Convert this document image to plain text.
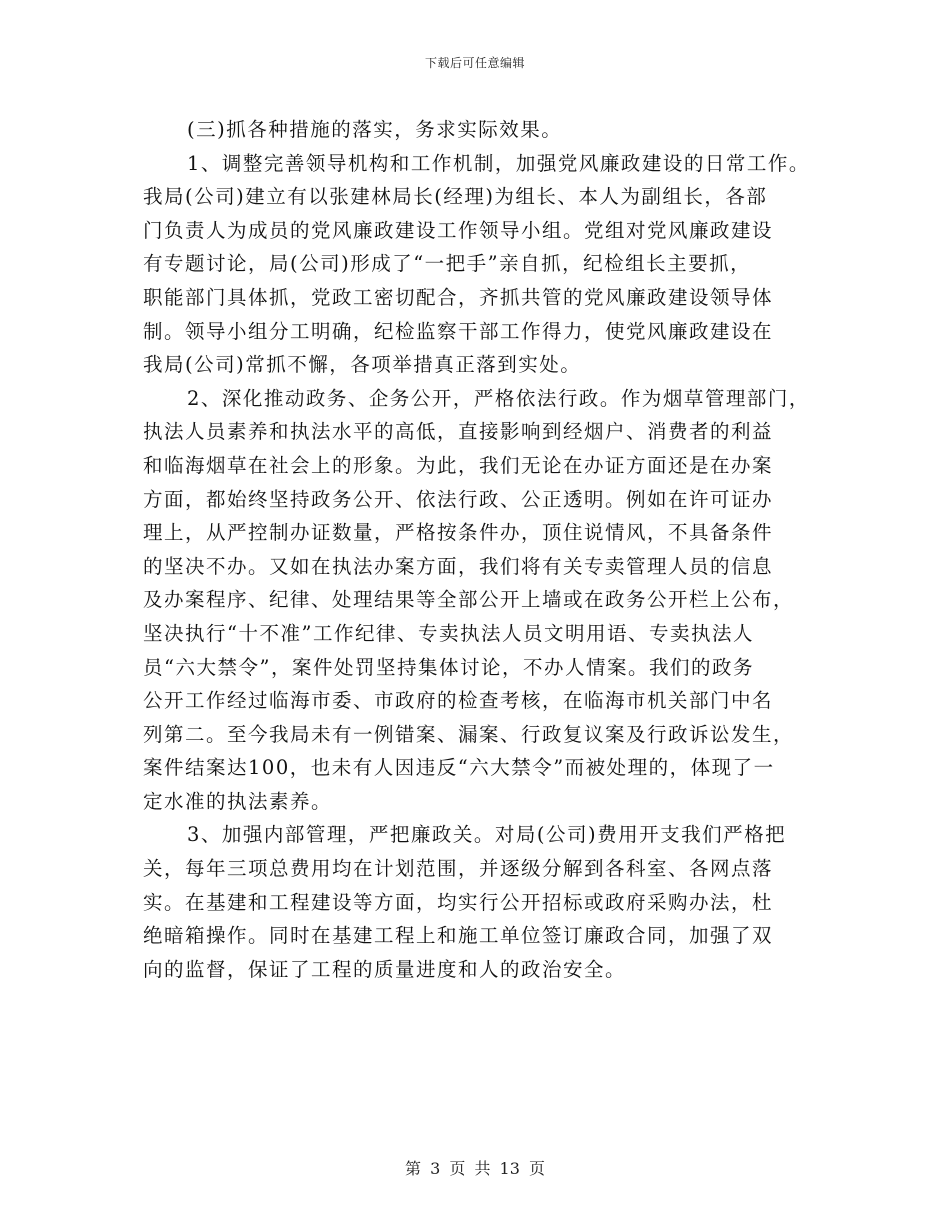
下载后可任意编辑
(三)抓各种措施的落实，务求实际效果。
1、调整完善领导机构和工作机制，加强党风廉政建设的日常工作。
我局(公司)建立有以张建林局长(经理)为组长、本人为副组长，各部
门负责人为成员的党风廉政建设工作领导小组。党组对党风廉政建设
有专题讨论，局(公司)形成了“一把手”亲自抓，纪检组长主要抓，
职能部门具体抓，党政工密切配合，齐抓共管的党风廉政建设领导体
制。领导小组分工明确，纪检监察干部工作得力，使党风廉政建设在
我局(公司)常抓不懈，各项举措真正落到实处。
2、深化推动政务、企务公开，严格依法行政。作为烟草管理部门，
执法人员素养和执法水平的高低，直接影响到经烟户、消费者的利益
和临海烟草在社会上的形象。为此，我们无论在办证方面还是在办案
方面，都始终坚持政务公开、依法行政、公正透明。例如在许可证办
理上，从严控制办证数量，严格按条件办，顶住说情风，不具备条件
的坚决不办。又如在执法办案方面，我们将有关专卖管理人员的信息
及办案程序、纪律、处理结果等全部公开上墙或在政务公开栏上公布，
坚决执行“十不准”工作纪律、专卖执法人员文明用语、专卖执法人
员“六大禁令”，案件处罚坚持集体讨论，不办人情案。我们的政务
公开工作经过临海市委、市政府的检查考核，在临海市机关部门中名
列第二。至今我局未有一例错案、漏案、行政复议案及行政诉讼发生，
案件结案达100，也未有人因违反“六大禁令”而被处理的，体现了一
定水准的执法素养。
3、加强内部管理，严把廉政关。对局(公司)费用开支我们严格把
关，每年三项总费用均在计划范围，并逐级分解到各科室、各网点落
实。在基建和工程建设等方面，均实行公开招标或政府采购办法，杜
绝暗箱操作。同时在基建工程上和施工单位签订廉政合同，加强了双
向的监督，保证了工程的质量进度和人的政治安全。
第 3 页 共 13 页
